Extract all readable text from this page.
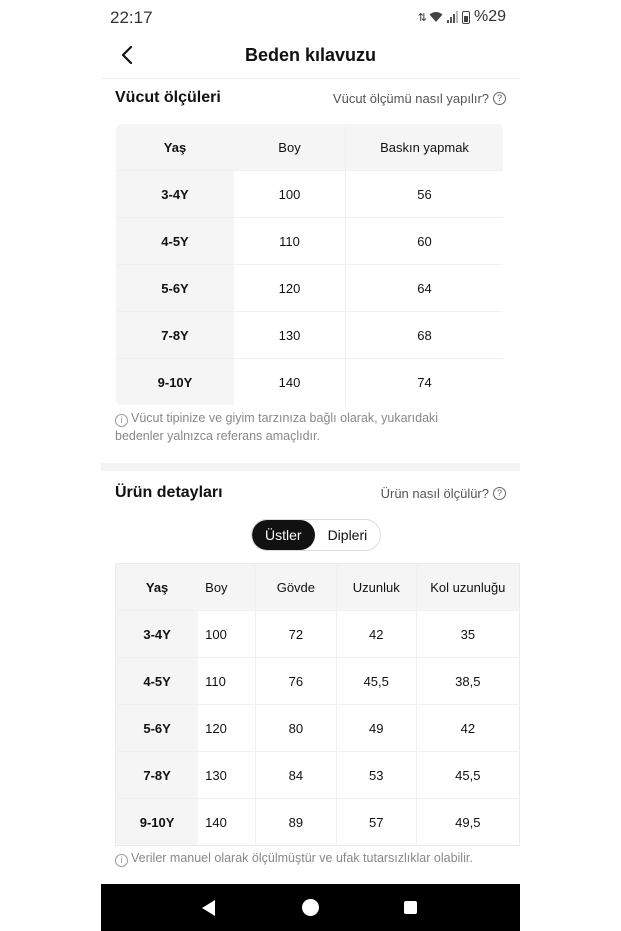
22:17	⇅	%29
Beden kılavuzu
Vücut ölçüleri	Vücut ölçümü nasıl yapılır? ?
Yaş	Boy	Baskın yapmak
3-4Y	100	56
4-5Y	110	60
5-6Y	120	64
7-8Y	130	68
9-10Y	140	74
i Vücut tipinize ve giyim tarzınıza bağlı olarak, yukarıdaki
bedenler yalnızca referans amaçlıdır.
Ürün detayları	Ürün nasıl ölçülür? ?
Üstler	Dipleri
Yaş	Boy	Gövde	Uzunluk	Kol uzunluğu
3-4Y	100	72	42	35
4-5Y	110	76	45,5	38,5
5-6Y	120	80	49	42
7-8Y	130	84	53	45,5
9-10Y	140	89	57	49,5
i Veriler manuel olarak ölçülmüştür ve ufak tutarsızlıklar olabilir.
